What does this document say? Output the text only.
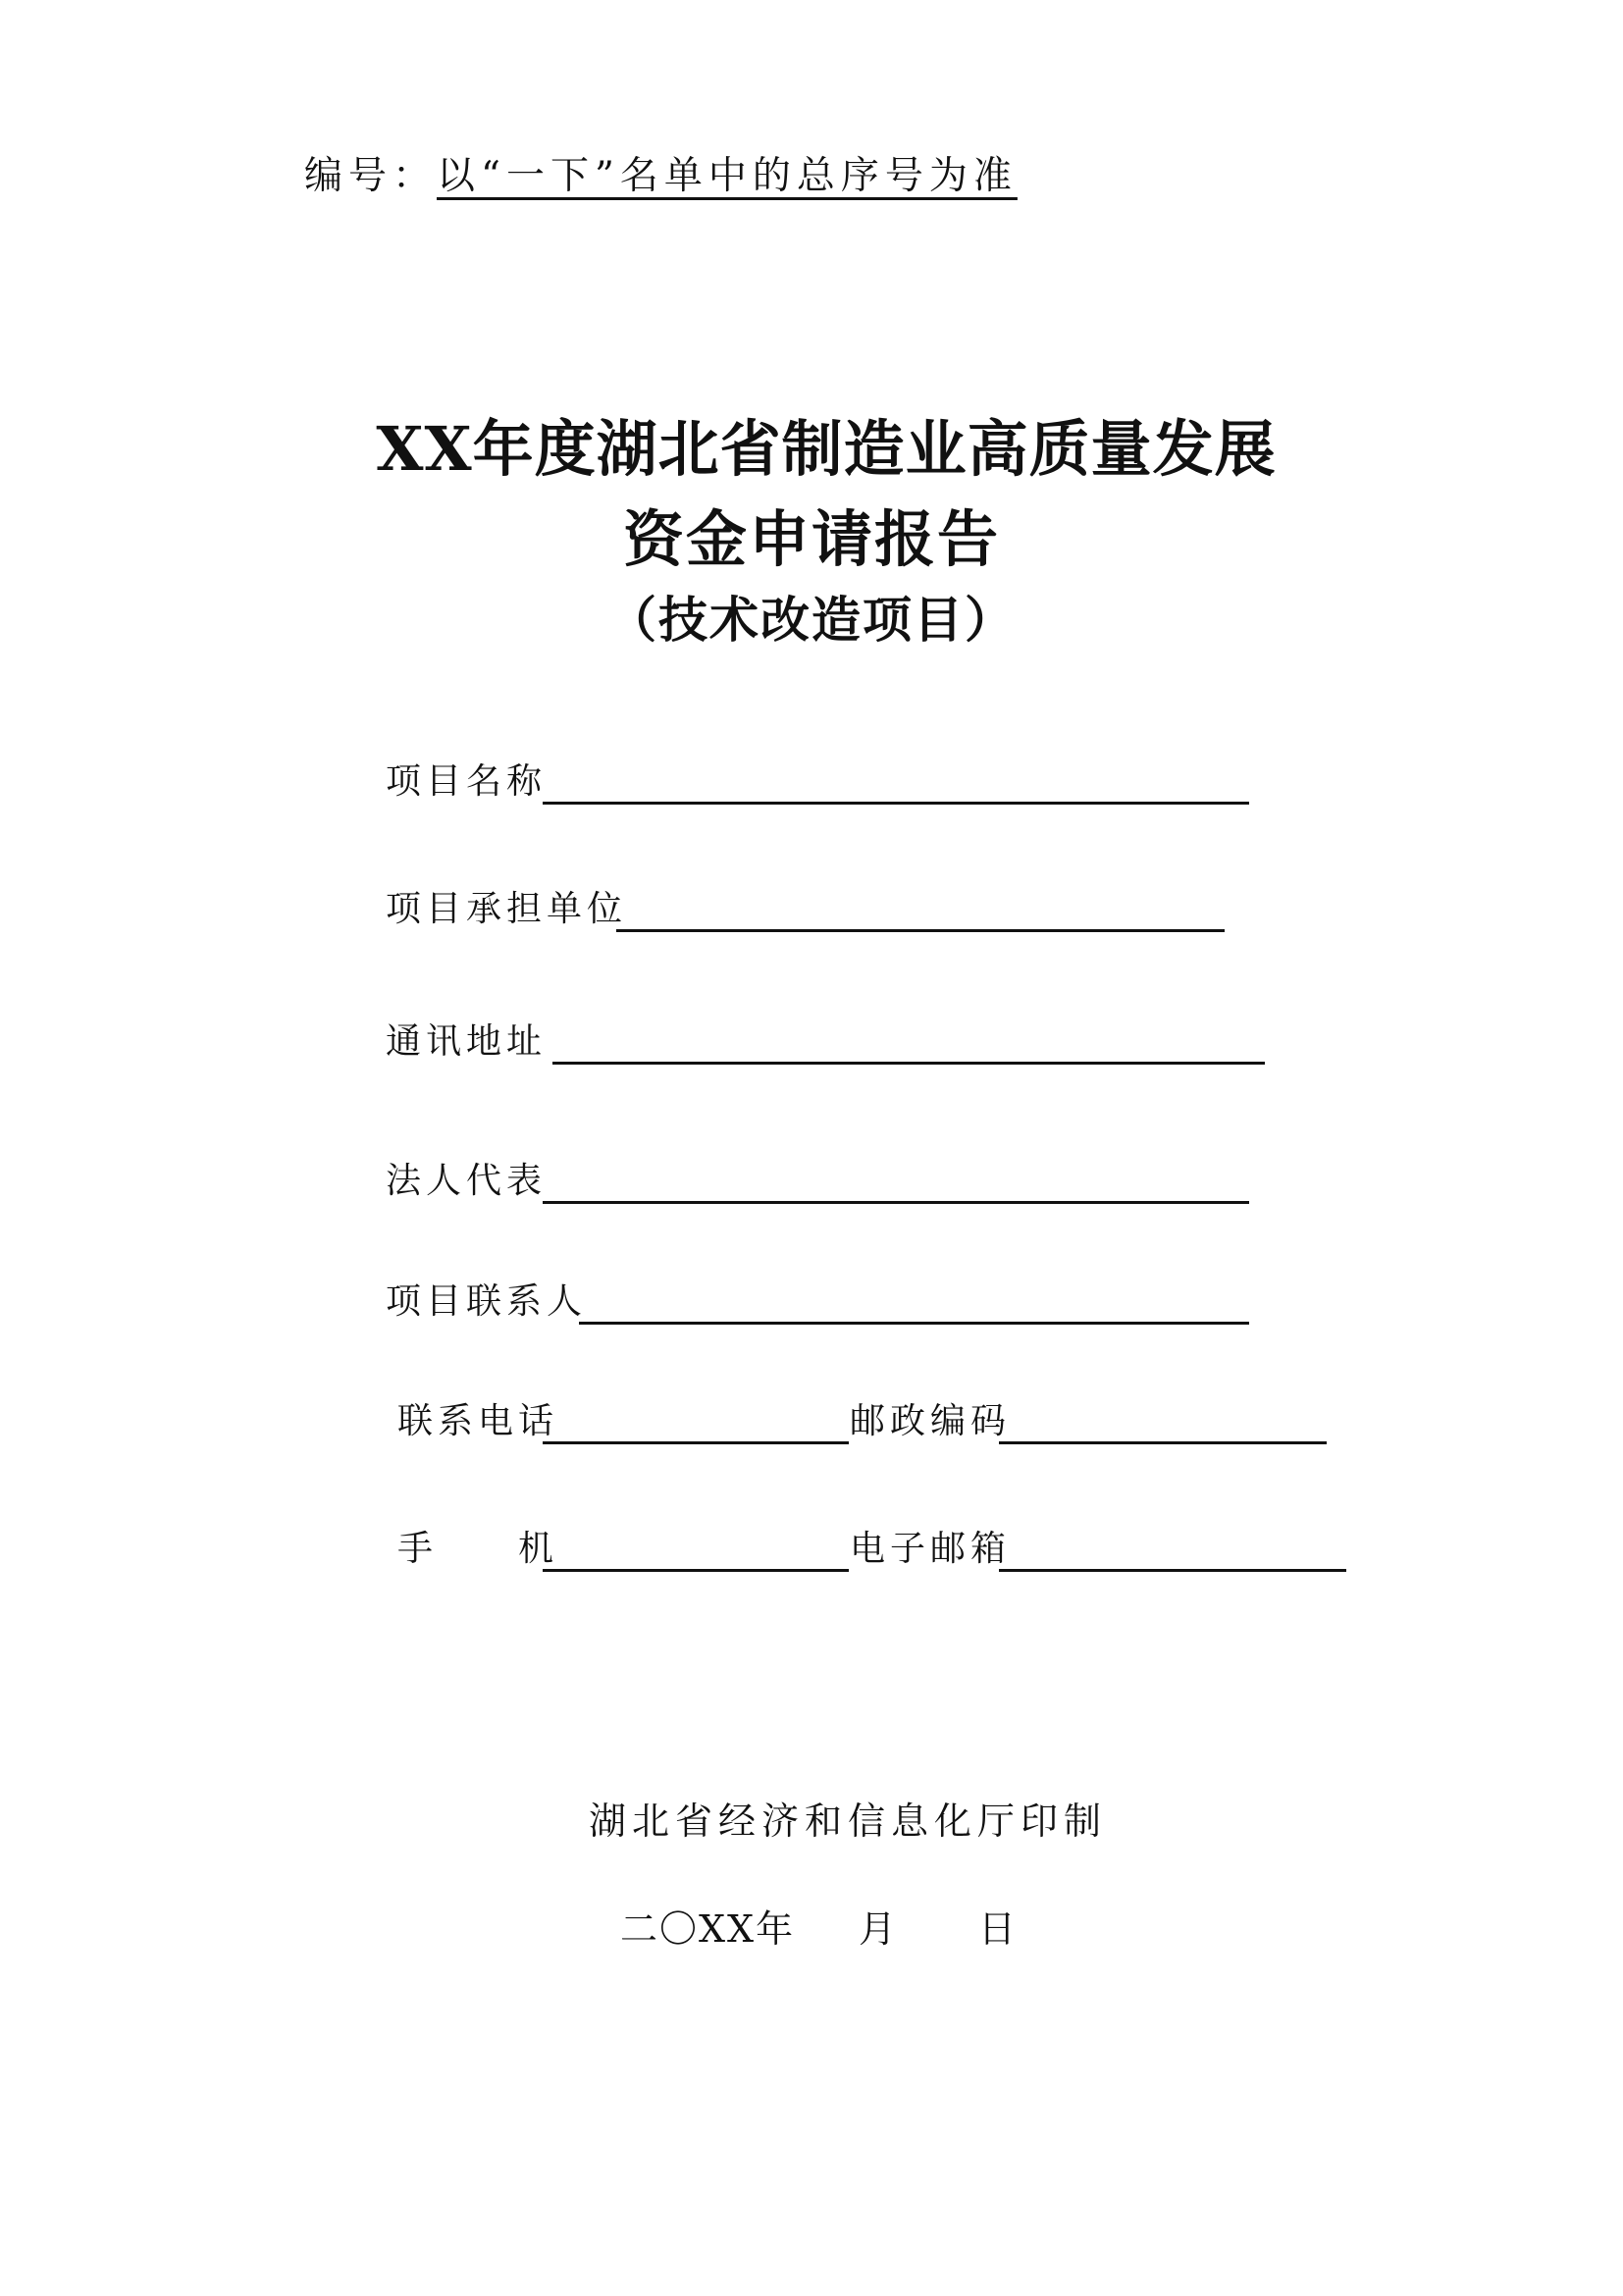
编号：以“一下”名单中的总序号为准
XX年度湖北省制造业高质量发展
资金申请报告
（技术改造项目）
项目名称
项目承担单位
通讯地址
法人代表
项目联系人
联系电话	邮政编码
手　　机	电子邮箱
湖北省经济和信息化厅印制
二〇XX年 月 日
